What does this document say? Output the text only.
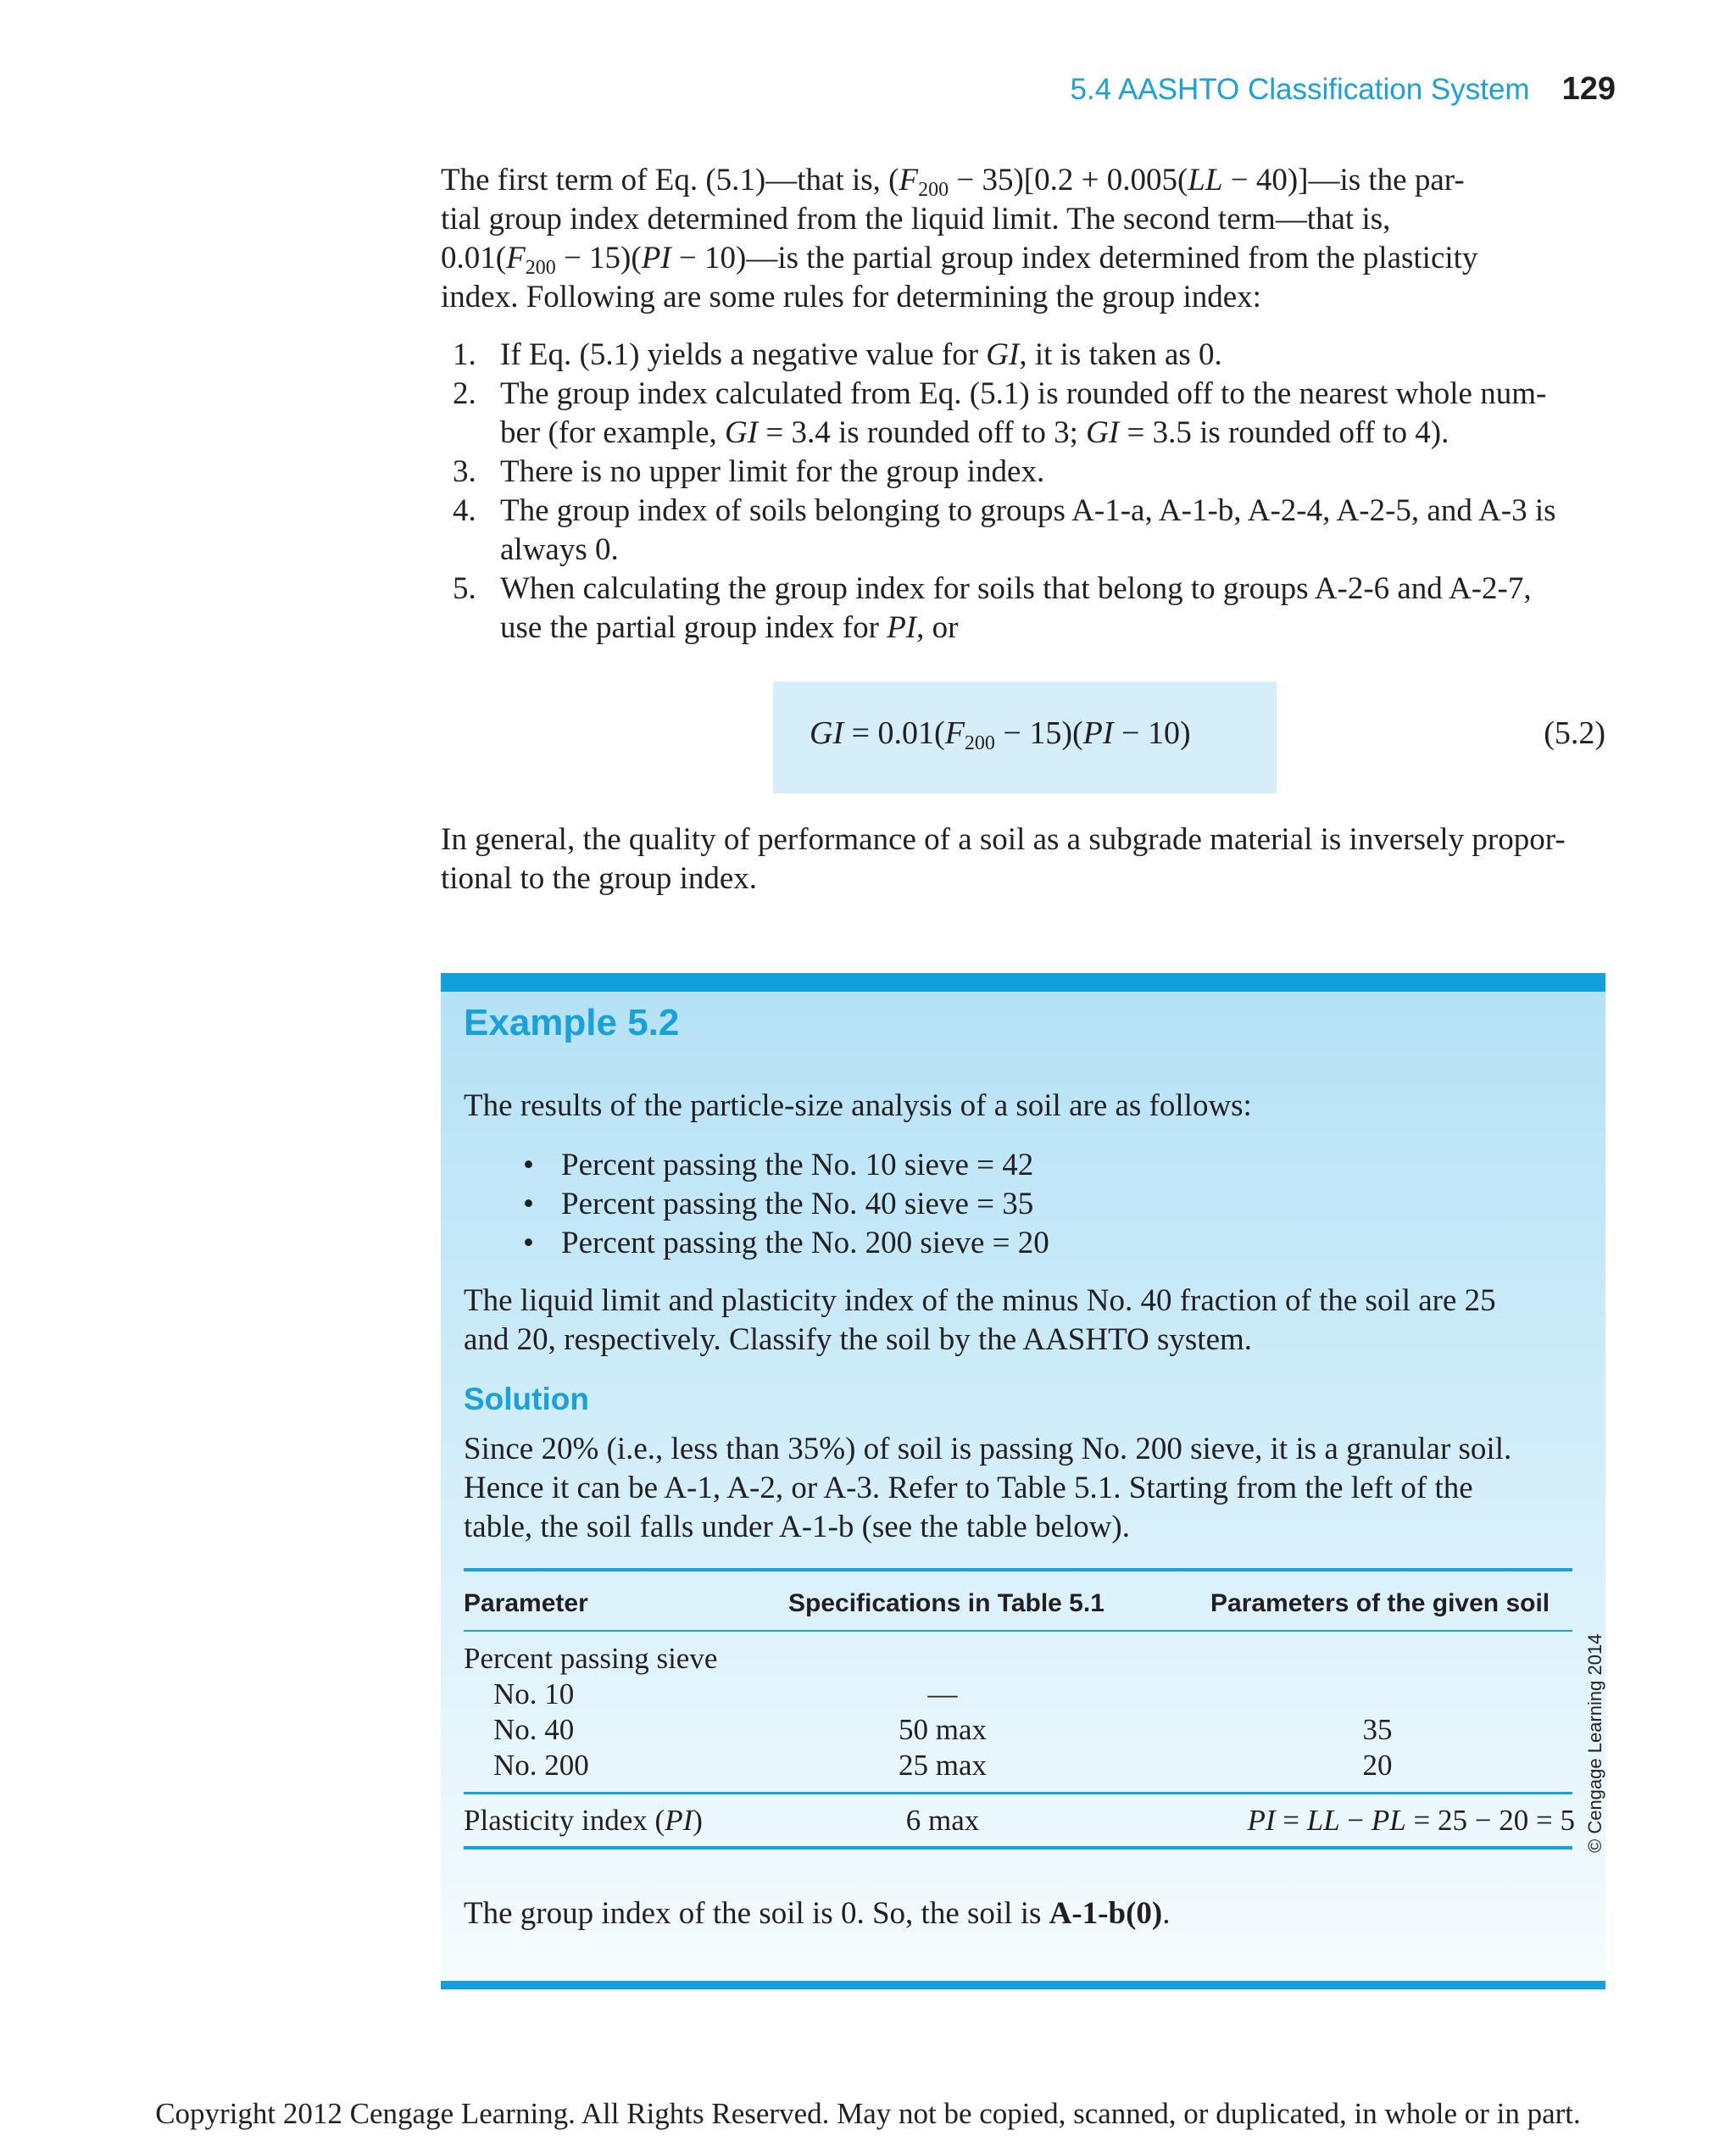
5.4 AASHTO Classification System 129

The first term of Eq. (5.1)—that is, $(F_{200} - 35)[0.2 + 0.005(LL$ − 40)]—is the par-

tial group index determined from the liquid limit. The second term—that is,

$0.01(F_{200} - 15)(PI$ − 10)—is the partial group index determined from the plasticity

index. Following are some rules for determining the group index:

1. If Eq. (5.1) yields a negative value for GI, it is taken as 0.
2. The group index calculated from Eq. (5.1) is rounded off to the nearest whole num-
ber (for example, GI = 3.4 is rounded off to 3; GI = 3.5 is rounded off to 4).
3. There is no upper limit for the group index.
4. The group index of soils belonging to groups A-1-a, A-1-b, A-2-4, A-2-5, and A-3 is
always 0.
5. When calculating the group index for soils that belong to groups A-2-6 and A-2-7,
use the partial group index for PI, or
GI = $0.01(F_{200} - 15)(PI - 10)$	(5.2)

In general, the quality of performance of a soil as a subgrade material is inversely propor-

tional to the group index.

Example 5.2

The results of the particle-size analysis of a soil are as follows:

• Percent passing the No. 10 sieve = 42
• Percent passing the No. 40 sieve = 35
• Percent passing the No. 200 sieve = 20
The liquid limit and plasticity index of the minus No. 40 fraction of the soil are 25
and 20, respectively. Classify the soil by the AASHTO system.
Solution
Since 20% (i.e., less than 35%) of soil is passing No. 200 sieve, it is a granular soil.
Hence it can be A-1, A-2, or A-3. Refer to Table 5.1. Starting from the left of the
table, the soil falls under A-1-b (see the table below).
Parameter	Specifications in Table 5.1	Parameters of the given soil
Percent passing sieve
No. 10	—
No. 40	50 max	35
No. 200	25 max	20
Plasticity index (PI)	6 max	PI = LL − PL = 25 − 20 = 5 © Cengage Learning 2014
The group index of the soil is 0. So, the soil is A-1-b(0).
Copyright 2012 Cengage Learning. All Rights Reserved. May not be copied, scanned, or duplicated, in whole or in part.
